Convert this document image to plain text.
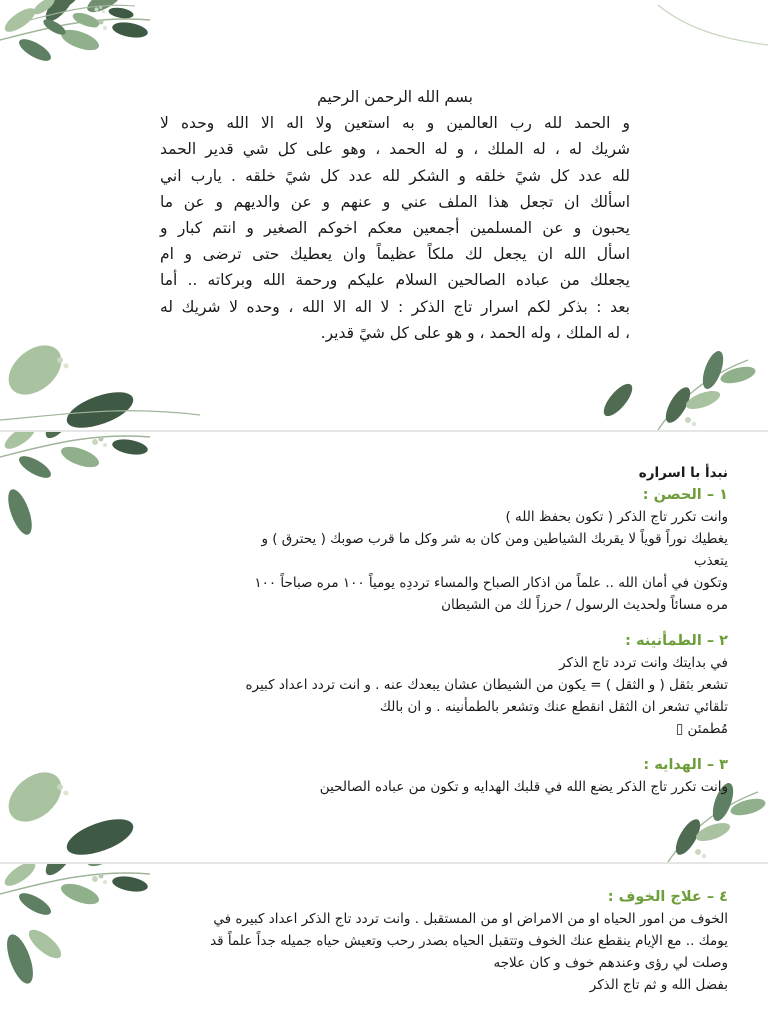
بسم الله الرحمن الرحيم
و الحمد لله رب العالمين و به استعين ولا اله الا الله وحده لا
شريك له ، له الملك ، و له الحمد ، وهو على كل شي قدير الحمد
لله عدد كل شيً خلقه و الشكر لله عدد كل شيً خلقه . يارب اني
اسألك ان تجعل هذا الملف عني و عنهم و عن والديهم و عن ما
يحبون و عن المسلمين أجمعين معكم اخوكم الصغير و انتم كبار و
اسأل الله ان يجعل لك ملكاً عظيماً وان يعطيك حتى ترضى و ام
يجعلك من عباده الصالحين السلام عليكم ورحمة الله وبركاته .. أما
بعد : بذكر لكم اسرار تاج الذكر : لا اله الا الله ، وحده لا شريك له
، له الملك ، وله الحمد ، و هو على كل شيً قدير.
نبدأ با اسراره
١ – الحصن :
وانت تكرر تاج الذكر ( تكون بحفظ الله )
يغطيك نوراً قوياً لا يقربك الشياطين ومن كان به شر وكل ما قرب صوبك ( يحترق ) و
يتعذب
وتكون في أمان الله .. علماً من اذكار الصباح والمساء ترددِه يومياً ١٠٠ مره صباحاً ١٠٠
مره مسائاً ولحديث الرسول / حرزاً لك من الشيطان
٢ – الطمأنينه :
في بدايتك وانت تردد تاج الذكر
تشعر بثقل ( و الثقل ) = يكون من الشيطان عشان يبعدك عنه . و انت تردد اعداد كبيره
تلقائي تشعر ان الثقل انقطع عنك وتشعر بالطمأنينه . و ان بالك
مُطمئن ▯
٣ – الهدايه :
وانت تكرر تاج الذكر يضع الله في قلبك الهدايه و تكون من عباده الصالحين
٤ – علاج الخوف :
الخوف من امور الحياه او من الامراض او من المستقبل . وانت تردد تاج الذكر اعداد كبيره في
يومك .. مع الإيام ينقطع عنك الخوف وتتقبل الحياه بصدر رحب وتعيش حياه جميله جداً علماً قد
وصلت لي رؤى وعندهم خوف و كان علاجه
بفضل الله و ثم تاج الذكر
